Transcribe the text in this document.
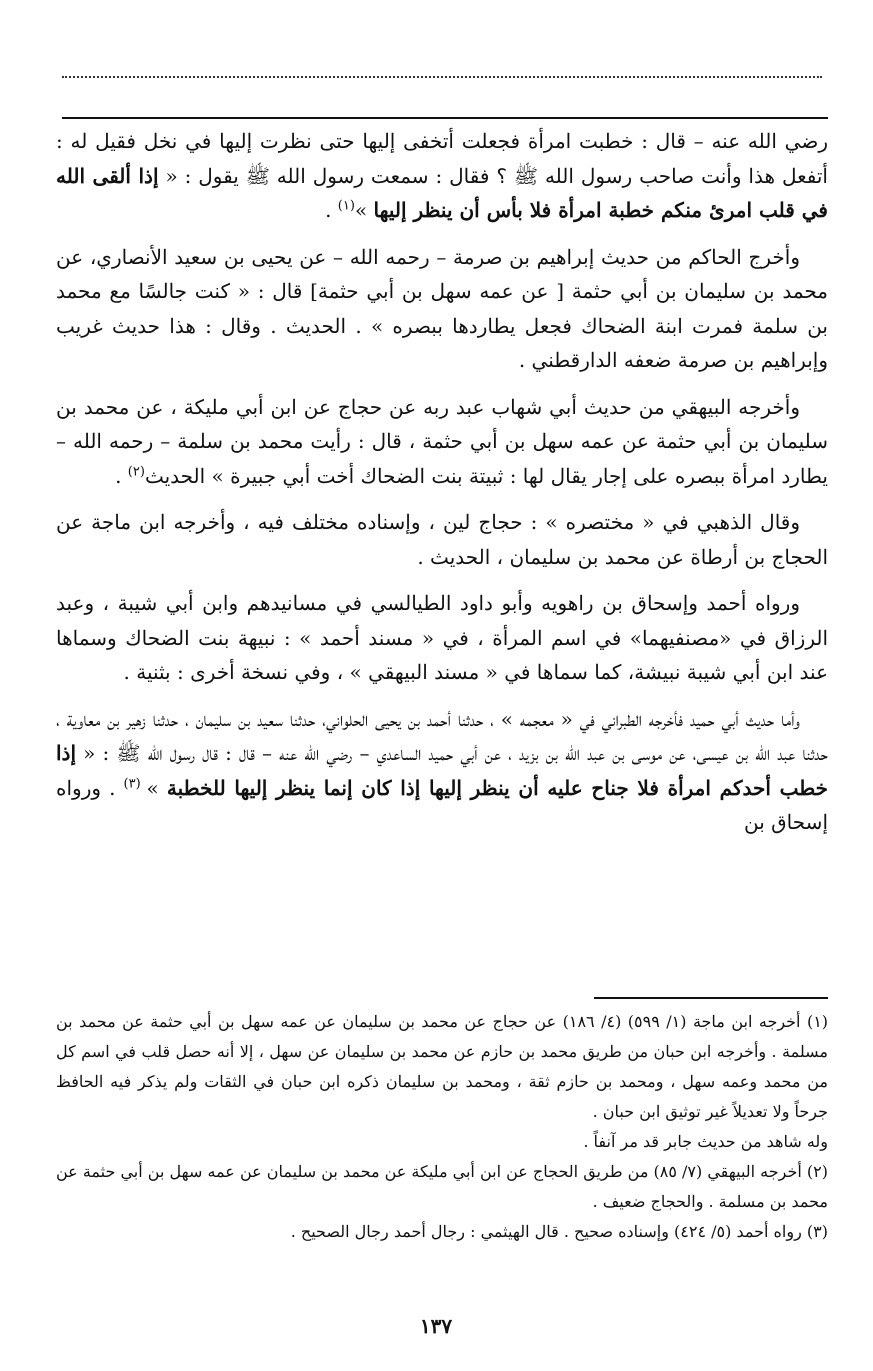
رضي الله عنه – قال : خطبت امرأة فجعلت أتخفى إليها حتى نظرت إليها في نخل فقيل له : أتفعل هذا وأنت صاحب رسول الله ﷺ ؟ فقال : سمعت رسول الله ﷺ يقول : « إذا ألقى الله في قلب امرئ منكم خطبة امرأة فلا بأس أن ينظر إليها »$^{(١)}$ .

وأخرج الحاكم من حديث إبراهيم بن صرمة – رحمه الله – عن يحيى بن سعيد الأنصاري، عن محمد بن سليمان بن أبي حثمة [ عن عمه سهل بن أبي حثمة] قال : « كنت جالسًا مع محمد بن سلمة فمرت ابنة الضحاك فجعل يطاردها ببصره » . الحديث . وقال : هذا حديث غريب وإبراهيم بن صرمة ضعفه الدارقطني .

وأخرجه البيهقي من حديث أبي شهاب عبد ربه عن حجاج عن ابن أبي مليكة ، عن محمد بن سليمان بن أبي حثمة عن عمه سهل بن أبي حثمة ، قال : رأيت محمد بن سلمة – رحمه الله – يطارد امرأة ببصره على إجار يقال لها : ثبيتة بنت الضحاك أخت أبي جبيرة » الحديث$^{(٢)}$ .

وقال الذهبي في « مختصره » : حجاج لين ، وإسناده مختلف فيه ، وأخرجه ابن ماجة عن الحجاج بن أرطاة عن محمد بن سليمان ، الحديث .

ورواه أحمد وإسحاق بن راهويه وأبو داود الطيالسي في مسانيدهم وابن أبي شيبة ، وعبد الرزاق في «مصنفيهما» في اسم المرأة ، في « مسند أحمد » : نبيهة بنت الضحاك وسماها عند ابن أبي شيبة نبيشة، كما سماها في « مسند البيهقي » ، وفي نسخة أخرى : بثنية .

وأما حديث أبي حميد فأخرجه الطبراني في « معجمه » ، حدثنا أحمد بن يحيى الحلواني، حدثنا سعيد بن سليمان ، حدثنا زهير بن معاوية ، حدثنا عبد الله بن عيسى، عن موسى بن عبد الله بن بزيد ، عن أبي حميد الساعدي – رضي الله عنه – قال : قال رسول الله ﷺ : « إذا خطب أحدكم امرأة فلا جناح عليه أن ينظر إليها إذا كان إنما ينظر إليها للخطبة » $^{(٣)}$ . ورواه إسحاق بن

(١) أخرجه ابن ماجة (١/ ٥٩٩) (٤/ ١٨٦) عن حجاج عن محمد بن سليمان عن عمه سهل بن أبي حثمة عن محمد بن مسلمة . وأخرجه ابن حبان من طريق محمد بن حازم عن محمد بن سليمان عن سهل ، إلا أنه حصل قلب في اسم كل من محمد وعمه سهل ، ومحمد بن حازم ثقة ، ومحمد بن سليمان ذكره ابن حبان في الثقات ولم يذكر فيه الحافظ جرحاً ولا تعديلاً غير توثيق ابن حبان .

وله شاهد من حديث جابر قد مر آنفاً .

(٢) أخرجه البيهقي (٧/ ٨٥) من طريق الحجاج عن ابن أبي مليكة عن محمد بن سليمان عن عمه سهل بن أبي حثمة عن محمد بن مسلمة . والحجاج ضعيف .

(٣) رواه أحمد (٥/ ٤٢٤) وإسناده صحيح . قال الهيثمي : رجال أحمد رجال الصحيح .

١٣٧
